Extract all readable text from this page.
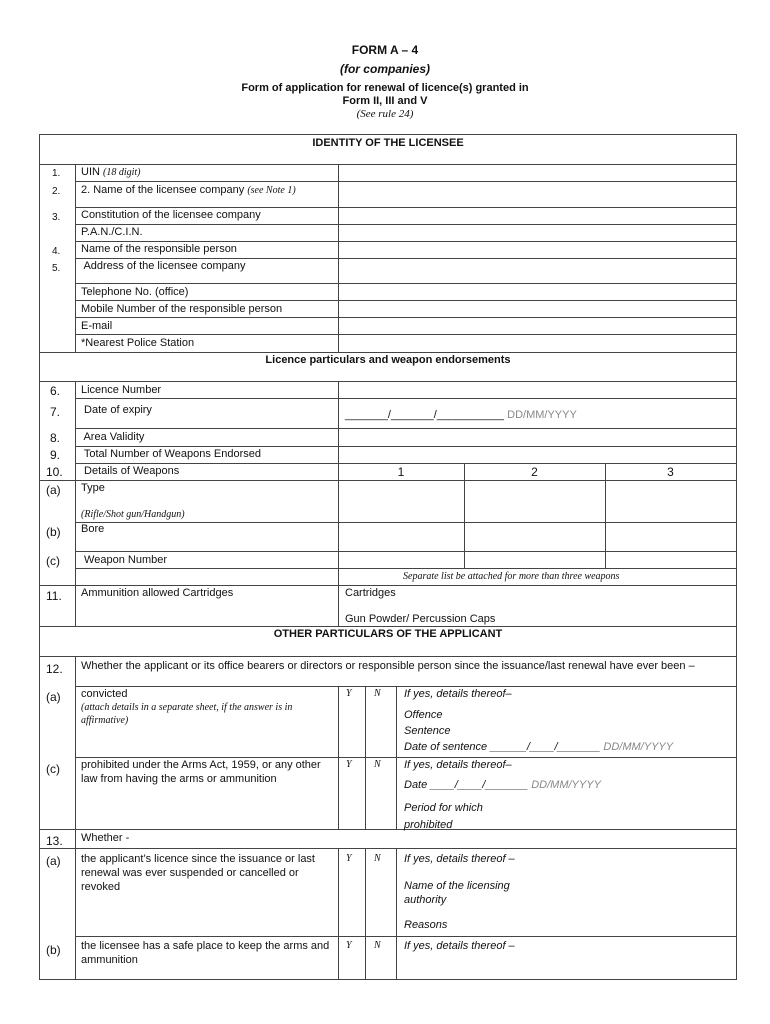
FORM A – 4
(for companies)
Form of application for renewal of licence(s) granted in
Form II, III and V
(See rule 24)
IDENTITY OF THE LICENSEE
1. UIN (18 digit)
2. 2. Name of the licensee company (see Note 1)
3. Constitution of the licensee company
P.A.N./C.I.N.
4. Name of the responsible person
5. Address of the licensee company
Telephone No. (office)
Mobile Number of the responsible person
E-mail
*Nearest Police Station
Licence particulars and weapon endorsements
6. Licence Number
7. Date of expiry	_______/_______/___________ DD/MM/YYYY
8. Area Validity
9. Total Number of Weapons Endorsed
10. Details of Weapons	1	2	3
(a) Type
(Rifle/Shot gun/Handgun)
(b) Bore
(c) Weapon Number
Separate list be attached for more than three weapons
11. Ammunition allowed Cartridges	Cartridges
Gun Powder/ Percussion Caps
OTHER PARTICULARS OF THE APPLICANT
12. Whether the applicant or its office bearers or directors or responsible person since the issuance/last renewal have ever been –
(a) convicted
(attach details in a separate sheet, if the answer is in affirmative)
Y N If yes, details thereof–
Offence
Sentence
Date of sentence ______/____/_______ DD/MM/YYYY
(c) prohibited under the Arms Act, 1959, or any other law from having the arms or ammunition
Y N If yes, details thereof–
Date ____/____/_______ DD/MM/YYYY
Period for which prohibited
13. Whether -
(a) the applicant’s licence since the issuance or last renewal was ever suspended or cancelled or revoked
Y N If yes, details thereof –
Name of the licensing authority
Reasons
(b) the licensee has a safe place to keep the arms and ammunition
Y N If yes, details thereof –
